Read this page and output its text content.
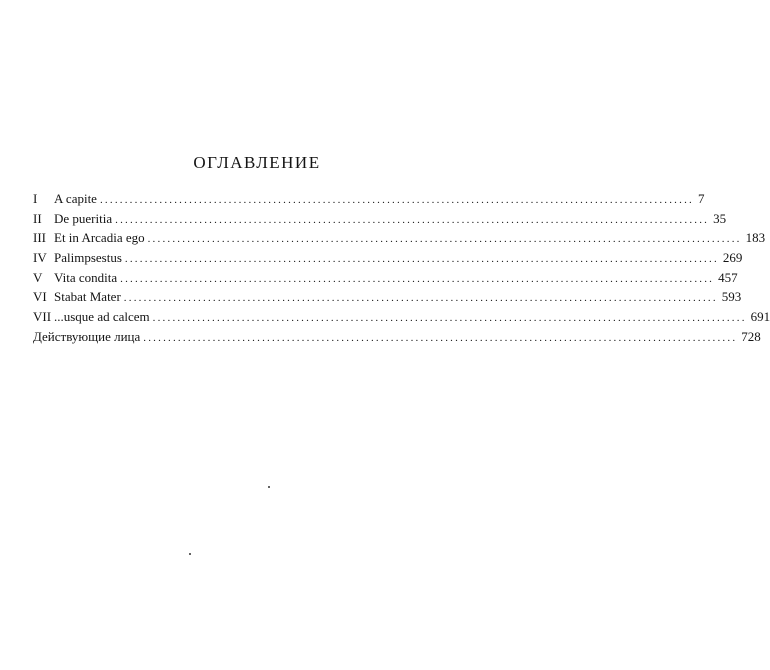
ОГЛАВЛЕНИЕ
I	A capite ........................................................................................................................ 7
II De pueritia ........................................................................................................................ 35
III Et in Arcadia ego ........................................................................................................................ 183
IV Palimpsestus ........................................................................................................................ 269
V Vita condita ........................................................................................................................ 457
VI Stabat Mater ........................................................................................................................ 593
VII ...usque ad calcem ........................................................................................................................ 691
Действующие лица ........................................................................................................................ 728
